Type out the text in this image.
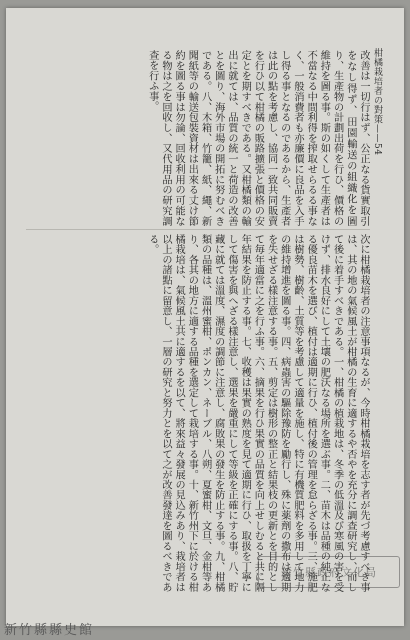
柑橘栽培者の對策——54
改善は一切行はず、公正なる貨實取引をなし得ず、田園輸送の組織化を圖り、生產物の計劃出荷を行ひ、價格の維持を圖る事。斯の如くして生產者は不當なる中間利得を搾取せらるる事なく、一般消費者も亦廉價に良品を入手し得る事となるのであるから、生產者は此の點を考慮し、協同一致共同販賣を行ひ以て柑橘の販路擴張と價格の安定とを期すべきである。又柑橘類の輸出に就ては、品質の統一と荷造の改善とを圖り、海外市場の開拓に努むべきである。八、木箱、竹籠、紙、繩、新聞紙等の輸送包裝資材は出來る丈け節約を圖る事は勿論、回收利用の可能なる物は之を回收し、又代用品の研究調查を行ふ事。
次に柑橘栽培者の注意事項なるが、今時柑橘栽培を志す者が先づ考慮すべき事は、其の地の氣候風土が柑橘の生育に適するや否やを充分に調查研究し、而して後に着手すべきである。一、柑橘の植栽地は、冬季の低溫及び寒風の害を受けず、排水良好にして土壤の肥沃なる場所を選ぶ事。二、苗木は品種の純正なる優良苗木を選び、植付は適期に行ひ、植付後の管理を怠らざる事。三、施肥は樹勢、樹齡、土質等を考慮して適量を施し、特に有機質肥料を多用して地力の維持增進を圖る事。四、病蟲害の驅除豫防を勵行し、殊に薬劑の撒布は適期を失せざる樣注意する事。五、剪定は樹形の整正と結果枝の更新とを目的として毎年適當に之を行ふ事。六、摘果を行ひ果實の品質を向上せしむると共に隔年結果を防止する事。七、收穫は果實の熟度を見て適期に行ひ、取扱を丁寧にして傷害を與へざる樣注意し、選果を嚴重にして等級を正確にする事。八、貯藏に就ては溫度、濕度の調節に注意し、腐敗果の發生を防止する事。九、柑橘類の品種は、溫州蜜柑、ポンカン、ネーブル、八朔、夏蜜柑、文旦、金柑等あり、各其の地方に適する品種を選定して栽培する事。十、新竹州下に於ける柑橘栽培は、氣候風土共に適するを以て、將來益々發展の見込みあり、栽培者は以上の諸點に留意し、一層の研究と努力とを以て之が改善發達を圖るべきである。
新竹縣政府文化局
新竹縣縣史館
